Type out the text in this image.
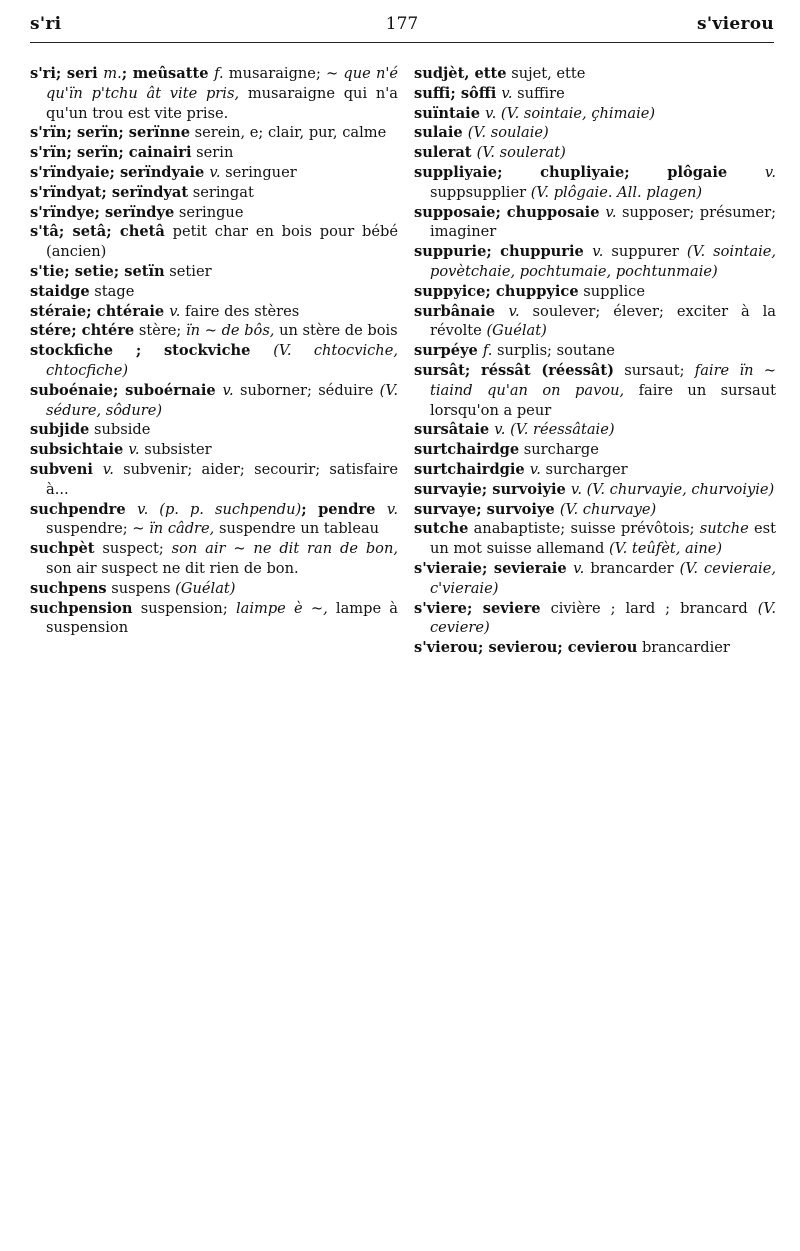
s'ri	177	s'vierou

s'ri; seri m.; meûsatte f. musaraigne; ~ que n'é qu'ïn p'tchu ât vite pris, musaraigne qui n'a qu'un trou est vite prise.

s'rïn; serïn; serïnne serein, e; clair, pur, calme

s'rïn; serïn; cainairi serin

s'rïndyaie; serïndyaie v. seringuer

s'rïndyat; serïndyat seringat

s'rïndye; serïndye seringue

s'tâ; setâ; chetâ petit char en bois pour bébé (ancien)

s'tie; setie; setïn setier

staidge stage

stéraie; chtéraie v. faire des stères

stére; chtére stère; ïn ~ de bôs, un stère de bois

stockfiche ; stockviche (V. chtocviche, chtocfiche)

suboénaie; suboérnaie v. suborner; séduire (V. sédure, sôdure)

subjide subside

subsichtaie v. subsister

subveni v. subvenir; aider; secourir; satisfaire à...

suchpendre v. (p. p. suchpendu); pendre v. suspendre; ~ ïn câdre, suspendre un tableau

suchpèt suspect; son air ~ ne dit ran de bon, son air suspect ne dit rien de bon.

suchpens suspens (Guélat)

suchpension suspension; laimpe è ~, lampe à suspension

sudjèt, ette sujet, ette

suffi; sôffi v. suffire

suïntaie v. (V. sointaie, çhimaie)

sulaie (V. soulaie)

sulerat (V. soulerat)

suppliyaie; chupliyaie; plôgaie v. suppsupplier (V. plôgaie. All. plagen)

supposaie; chupposaie v. supposer; présumer; imaginer

suppurie; chuppurie v. suppurer (V. sointaie, povètchaie, pochtumaie, pochtunmaie)

suppyice; chuppyice supplice

surbânaie v. soulever; élever; exciter à la révolte (Guélat)

surpéye f. surplis; soutane

sursât; réssât (réessât) sursaut; faire ïn ~ tiaind qu'an on pavou, faire un sursaut lorsqu'on a peur

sursâtaie v. (V. réessâtaie)

surtchairdge surcharge

surtchairdgie v. surcharger

survayie; survoiyie v. (V. churvayie, churvoiyie)

survaye; survoiye (V. churvaye)

sutche anabaptiste; suisse prévôtois; sutche est un mot suisse allemand (V. teûfèt, aine)

s'vieraie; sevieraie v. brancarder (V. cevieraie, c'vieraie)

s'viere; seviere civière ; lard ; brancard (V. ceviere)

s'vierou; sevierou; cevierou brancardier
